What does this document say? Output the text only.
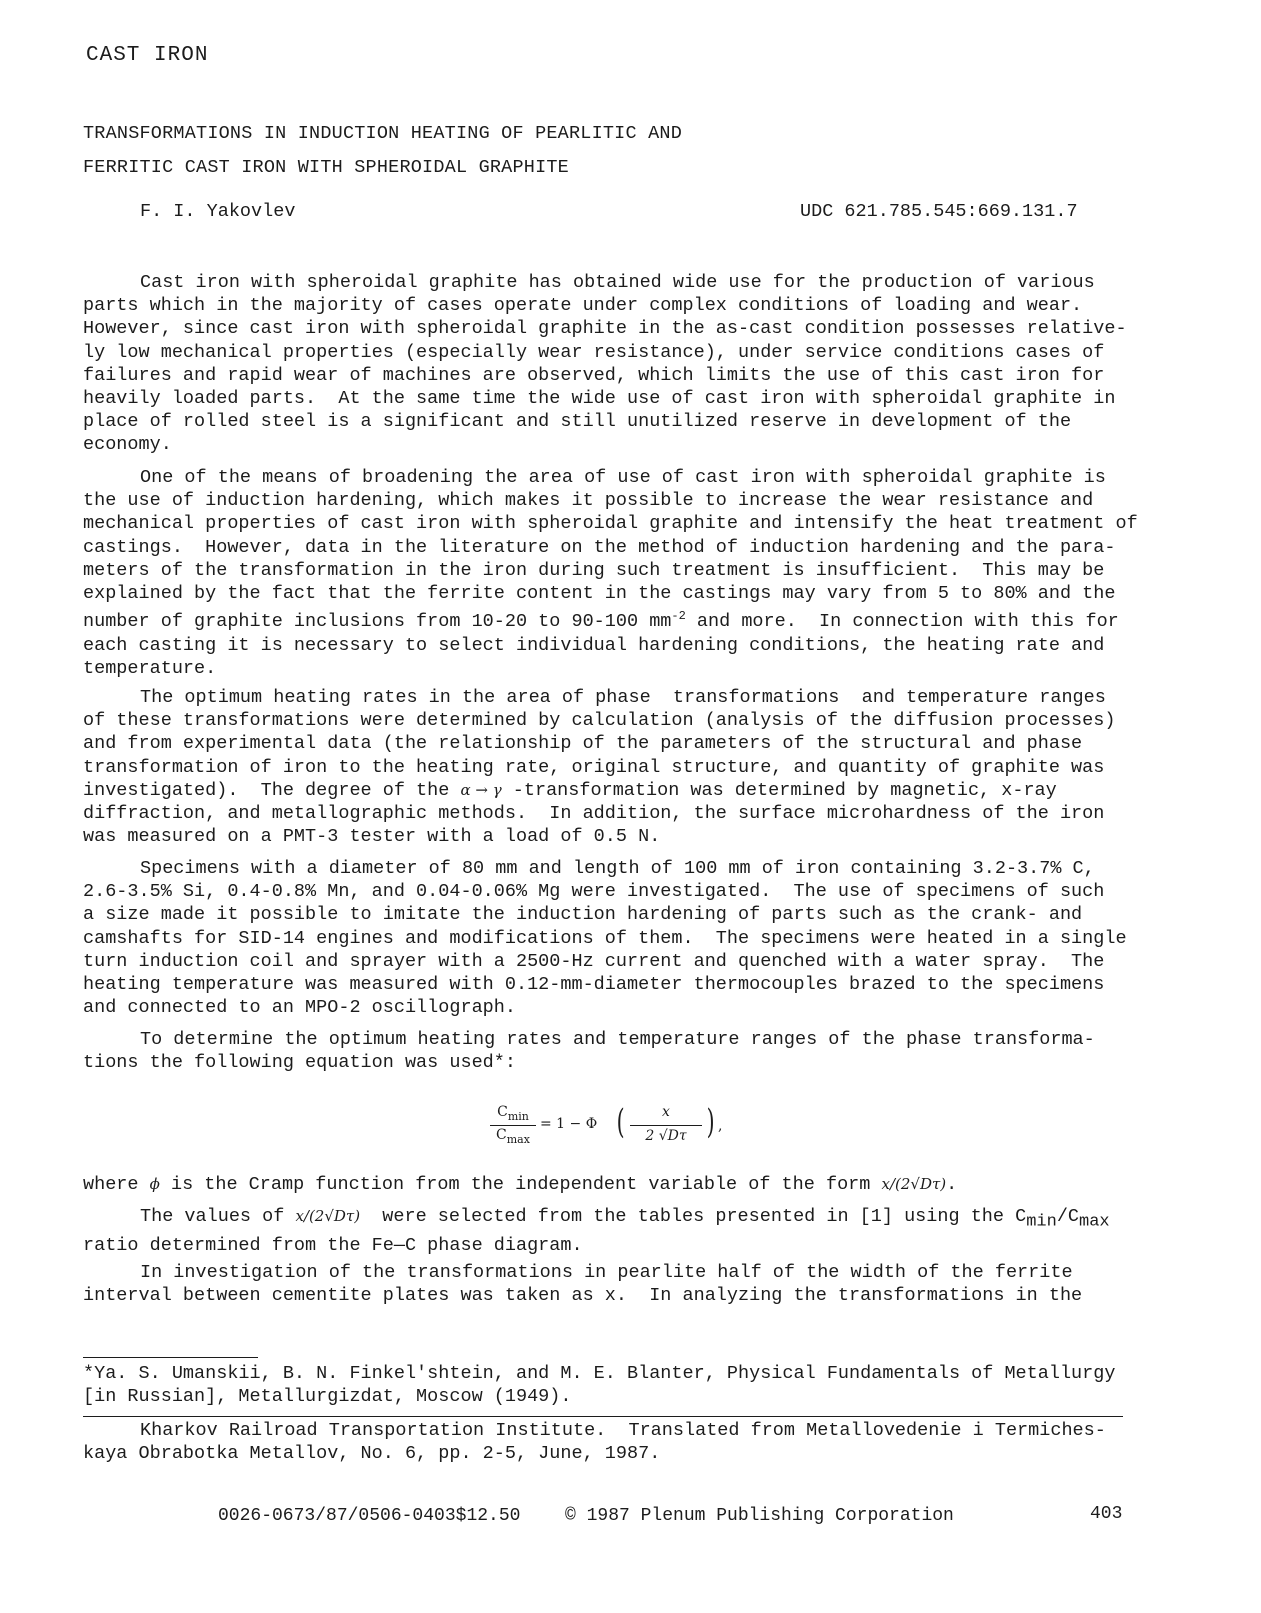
CAST IRON
TRANSFORMATIONS IN INDUCTION HEATING OF PEARLITIC AND
FERRITIC CAST IRON WITH SPHEROIDAL GRAPHITE
F. I. Yakovlev	UDC 621.785.545:669.131.7
Cast iron with spheroidal graphite has obtained wide use for the production of various
parts which in the majority of cases operate under complex conditions of loading and wear.
However, since cast iron with spheroidal graphite in the as-cast condition possesses relative-
ly low mechanical properties (especially wear resistance), under service conditions cases of
failures and rapid wear of machines are observed, which limits the use of this cast iron for
heavily loaded parts.  At the same time the wide use of cast iron with spheroidal graphite in
place of rolled steel is a significant and still unutilized reserve in development of the
economy.
One of the means of broadening the area of use of cast iron with spheroidal graphite is
the use of induction hardening, which makes it possible to increase the wear resistance and
mechanical properties of cast iron with spheroidal graphite and intensify the heat treatment of
castings.  However, data in the literature on the method of induction hardening and the para-
meters of the transformation in the iron during such treatment is insufficient.  This may be
explained by the fact that the ferrite content in the castings may vary from 5 to 80% and the
number of graphite inclusions from 10-20 to 90-100 $mm^{-2}$ and more.  In connection with this for
each casting it is necessary to select individual hardening conditions, the heating rate and
temperature.
The optimum heating rates in the area of phase  transformations  and temperature ranges
of these transformations were determined by calculation (analysis of the diffusion processes)
and from experimental data (the relationship of the parameters of the structural and phase
transformation of iron to the heating rate, original structure, and quantity of graphite was
investigated).  The degree of the α → γ -transformation was determined by magnetic, x-ray
diffraction, and metallographic methods.  In addition, the surface microhardness of the iron
was measured on a PMT-3 tester with a load of 0.5 N.
Specimens with a diameter of 80 mm and length of 100 mm of iron containing 3.2-3.7% C,
2.6-3.5% Si, 0.4-0.8% Mn, and 0.04-0.06% Mg were investigated.  The use of specimens of such
a size made it possible to imitate the induction hardening of parts such as the crank- and
camshafts for SID-14 engines and modifications of them.  The specimens were heated in a single
turn induction coil and sprayer with a 2500-Hz current and quenched with a water spray.  The
heating temperature was measured with 0.12-mm-diameter thermocouples brazed to the specimens
and connected to an MPO-2 oscillograph.
To determine the optimum heating rates and temperature ranges of the phase transforma-
tions the following equation was used*:
$C_{min}$
$C_{max}$
= 1 − Φ (	x
2 √Dτ ) ,
where ϕ is the Cramp function from the independent variable of the form x/(2√Dτ).
The values of x/(2√Dτ)  were selected from the tables presented in [1] using the $C_{min}/C_{max}$
ratio determined from the Fe—C phase diagram.
In investigation of the transformations in pearlite half of the width of the ferrite
interval between cementite plates was taken as x.  In analyzing the transformations in the
*Ya. S. Umanskii, B. N. Finkel'shtein, and M. E. Blanter, Physical Fundamentals of Metallurgy
[in Russian], Metallurgizdat, Moscow (1949).
Kharkov Railroad Transportation Institute.  Translated from Metallovedenie i Termiches-
kaya Obrabotka Metallov, No. 6, pp. 2-5, June, 1987.
0026-0673/87/0506-0403$12.50 © 1987 Plenum Publishing Corporation	403
